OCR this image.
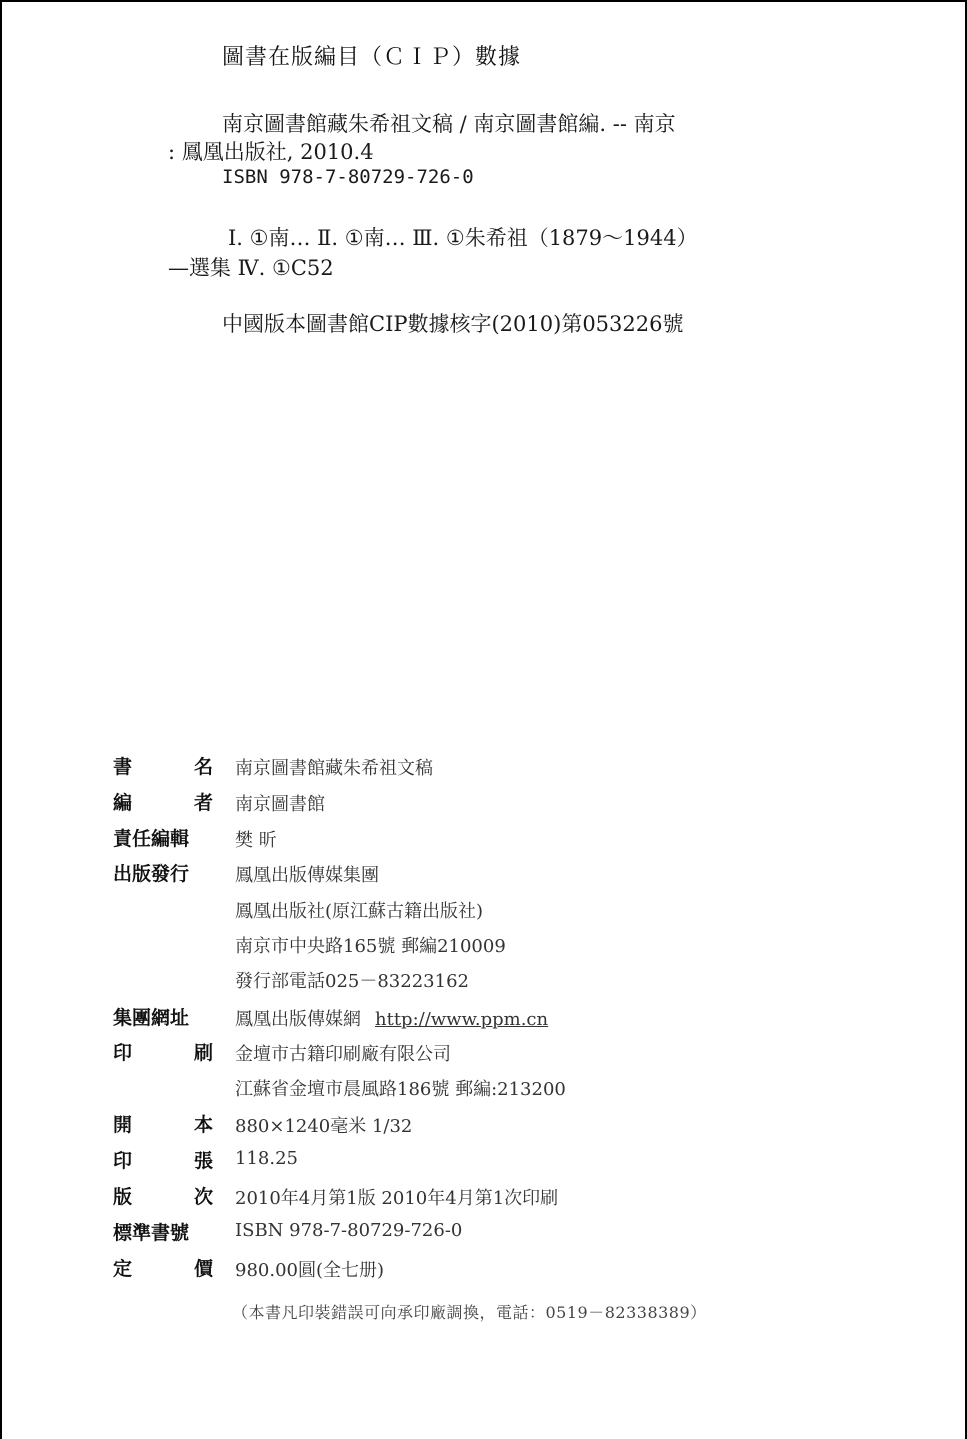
圖書在版編目（ＣＩＰ）數據
南京圖書館藏朱希祖文稿 / 南京圖書館編. -- 南京
: 鳳凰出版社, 2010.4
ISBN 978-7-80729-726-0
Ⅰ. ①南… Ⅱ. ①南… Ⅲ. ①朱希祖（1879～1944）
—選集 Ⅳ. ①C52
中國版本圖書館CIP數據核字(2010)第053226號
書	名 南京圖書館藏朱希祖文稿
編	者 南京圖書館
責任編輯	樊 昕
出版發行	鳳凰出版傳媒集團
鳳凰出版社(原江蘇古籍出版社)
南京市中央路165號 郵編210009
發行部電話025－83223162
集團網址	鳳凰出版傳媒網 http://www.ppm.cn
印	刷 金壇市古籍印刷廠有限公司
江蘇省金壇市晨風路186號 郵編:213200
開	本 880×1240毫米 1/32
印	張 118.25
版	次 2010年4月第1版 2010年4月第1次印刷
標準書號	ISBN 978-7-80729-726-0
定	價 980.00圓(全七册)
（本書凡印裝錯誤可向承印廠調換，電話：0519－82338389）
